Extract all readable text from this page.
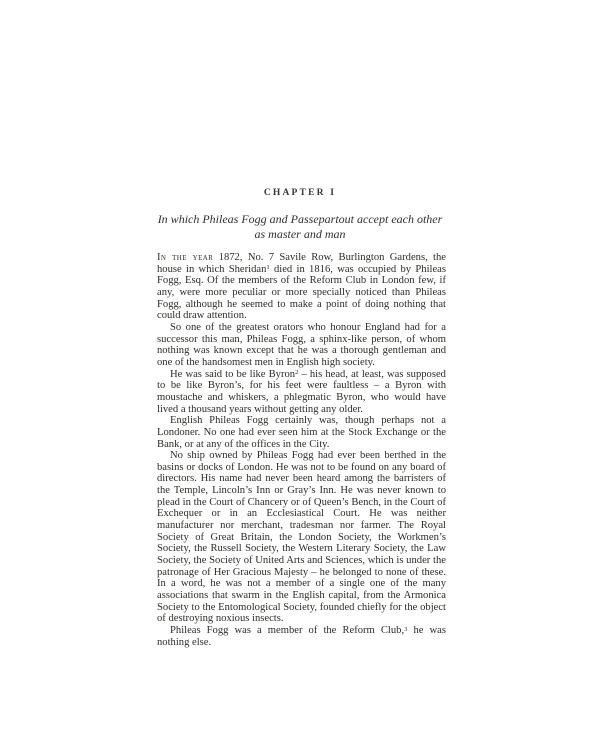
CHAPTER I
In which Phileas Fogg and Passepartout accept each other
as master and man

In the year 1872, No. 7 Savile Row, Burlington Gardens, the house in which Sheridan$^1$ died in 1816, was occupied by Phileas Fogg, Esq. Of the members of the Reform Club in London few, if any, were more peculiar or more specially noticed than Phileas Fogg, although he seemed to make a point of doing nothing that could draw attention.

So one of the greatest orators who honour England had for a successor this man, Phileas Fogg, a sphinx-like person, of whom nothing was known except that he was a thorough gentleman and one of the handsomest men in English high society.

He was said to be like Byron$^2$ – his head, at least, was supposed to be like Byron’s, for his feet were faultless – a Byron with moustache and whiskers, a phlegmatic Byron, who would have lived a thousand years without getting any older.

English Phileas Fogg certainly was, though perhaps not a Londoner. No one had ever seen him at the Stock Exchange or the Bank, or at any of the offices in the City.

No ship owned by Phileas Fogg had ever been berthed in the basins or docks of London. He was not to be found on any board of directors. His name had never been heard among the barristers of the Temple, Lincoln’s Inn or Gray’s Inn. He was never known to plead in the Court of Chancery or of Queen’s Bench, in the Court of Exchequer or in an Ecclesiastical Court. He was neither manufacturer nor merchant, tradesman nor farmer. The Royal Society of Great Britain, the London Society, the Workmen’s Society, the Russell Society, the Western Literary Society, the Law Society, the Society of United Arts and Sciences, which is under the patronage of Her Gracious Majesty – he belonged to none of these. In a word, he was not a member of a single one of the many associations that swarm in the English capital, from the Armonica Society to the Entomological Society, founded chiefly for the object of destroying noxious insects.

Phileas Fogg was a member of the Reform Club,$^3$ he was nothing else.
